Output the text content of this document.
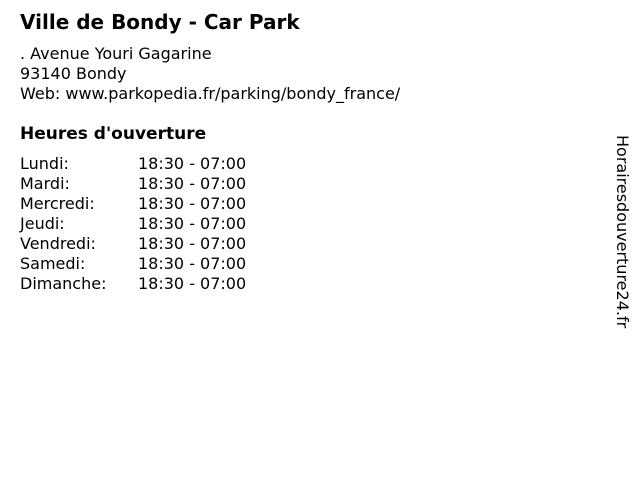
Ville de Bondy - Car Park
. Avenue Youri Gagarine
93140 Bondy
Web: www.parkopedia.fr/parking/bondy_france/
Heures d'ouverture
Lundi:	18:30 - 07:00
Mardi:	18:30 - 07:00
Mercredi:	18:30 - 07:00
Jeudi:	18:30 - 07:00
Vendredi:	18:30 - 07:00
Samedi:	18:30 - 07:00
Dimanche: 18:30 - 07:00	Horairesdouverture24.fr
